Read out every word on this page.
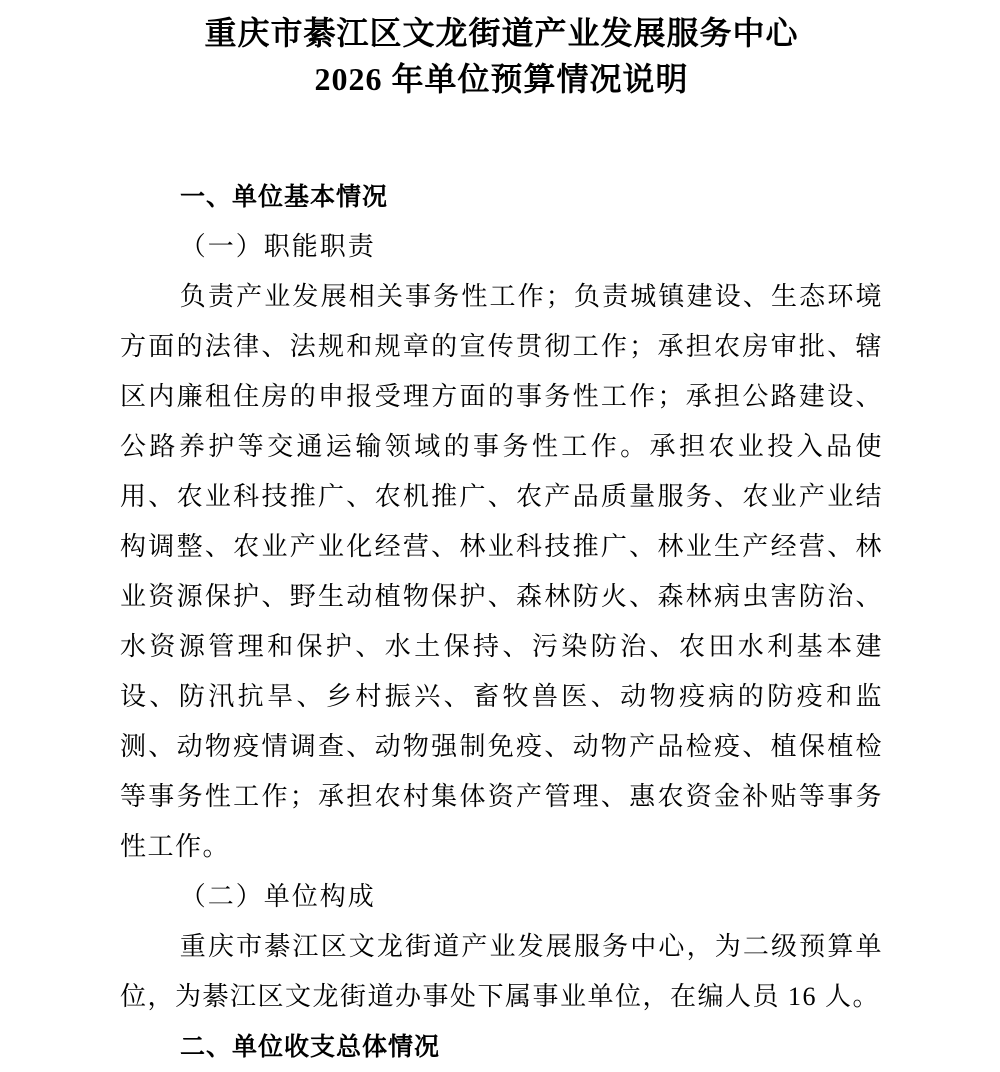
重庆市綦江区文龙街道产业发展服务中心
2026 年单位预算情况说明
一、单位基本情况
（一）职能职责

负责产业发展相关事务性工作；负责城镇建设、生态环境方面的法律、法规和规章的宣传贯彻工作；承担农房审批、辖区内廉租住房的申报受理方面的事务性工作；承担公路建设、公路养护等交通运输领域的事务性工作。承担农业投入品使用、农业科技推广、农机推广、农产品质量服务、农业产业结构调整、农业产业化经营、林业科技推广、林业生产经营、林业资源保护、野生动植物保护、森林防火、森林病虫害防治、水资源管理和保护、水土保持、污染防治、农田水利基本建设、防汛抗旱、乡村振兴、畜牧兽医、动物疫病的防疫和监测、动物疫情调查、动物强制免疫、动物产品检疫、植保植检等事务性工作；承担农村集体资产管理、惠农资金补贴等事务性工作。

（二）单位构成

重庆市綦江区文龙街道产业发展服务中心，为二级预算单位，为綦江区文龙街道办事处下属事业单位，在编人员 16 人。

二、单位收支总体情况
